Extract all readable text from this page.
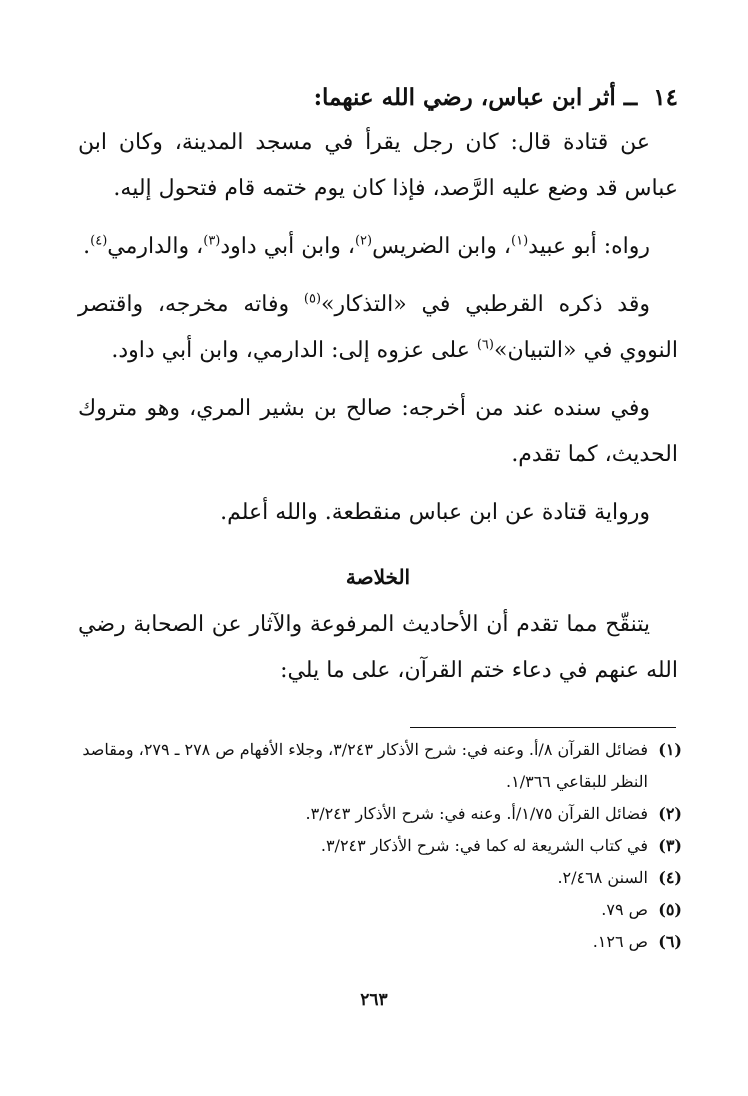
١٤ ــ أثر ابن عباس، رضي الله عنهما:

عن قتادة قال: كان رجل يقرأ في مسجد المدينة، وكان ابن عباس قد وضع عليه الرَّصد، فإذا كان يوم ختمه قام فتحول إليه.

رواه: أبو عبيد$^{(١)}$، وابن الضريس$^{(٢)}$، وابن أبي داود$^{(٣)}$، والدارمي$^{(٤)}$.

وقد ذكره القرطبي في «التذكار»$^{(٥)}$ وفاته مخرجه، واقتصر النووي في «التبيان»$^{(٦)}$ على عزوه إلى: الدارمي، وابن أبي داود.

وفي سنده عند من أخرجه: صالح بن بشير المري، وهو متروك الحديث، كما تقدم.

ورواية قتادة عن ابن عباس منقطعة. والله أعلم.

الخلاصة

يتنقّح مما تقدم أن الأحاديث المرفوعة والآثار عن الصحابة رضي الله عنهم في دعاء ختم القرآن، على ما يلي:

(١)
فضائل القرآن ٨/أ. وعنه في: شرح الأذكار ٣/٢٤٣، وجلاء الأفهام ص ٢٧٨ ـ ٢٧٩، ومقاصد النظر للبقاعي ١/٣٦٦.
(٢)
فضائل القرآن ١/٧٥/أ. وعنه في: شرح الأذكار ٣/٢٤٣.
(٣)
في كتاب الشريعة له كما في: شرح الأذكار ٣/٢٤٣.
(٤)
السنن ٢/٤٦٨.
(٥)
ص ٧٩.
(٦)
ص ١٢٦.
٢٦٣
